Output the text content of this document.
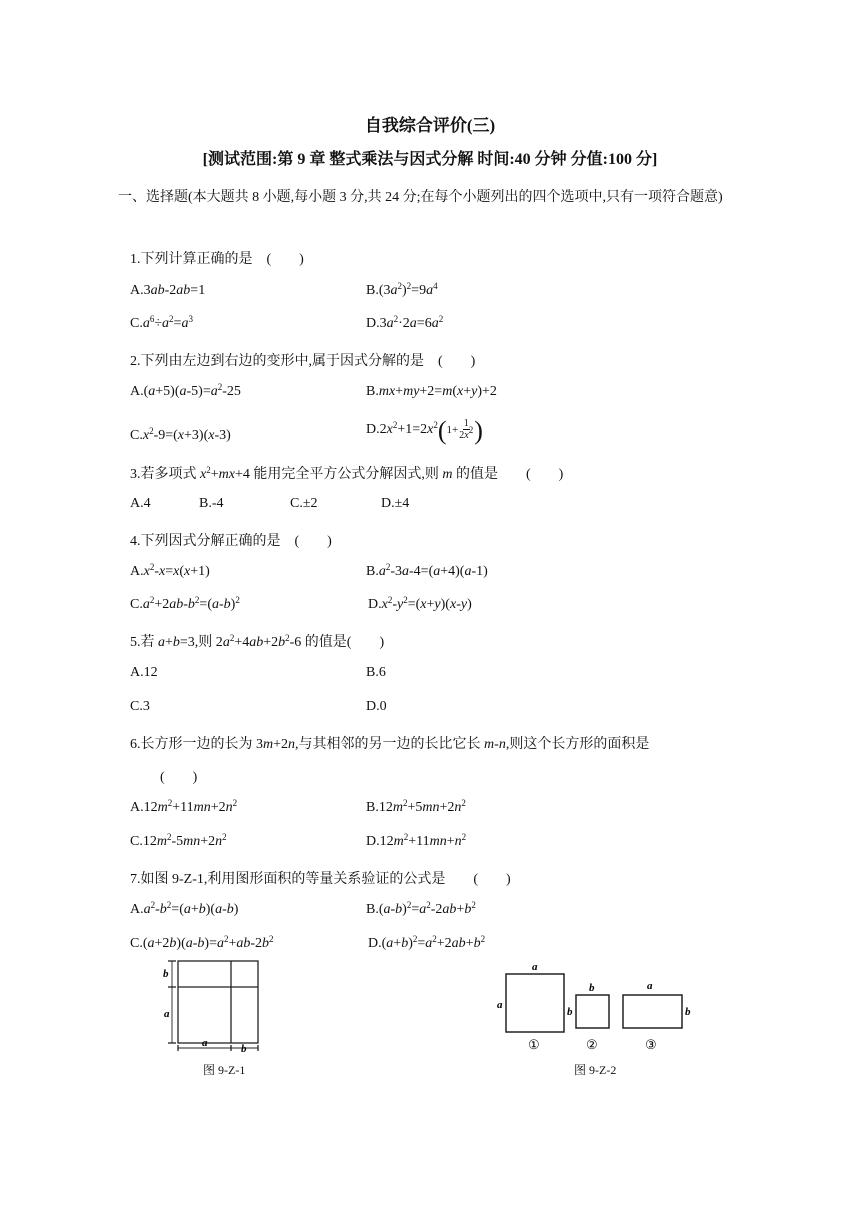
自我综合评价(三)
[测试范围:第 9 章 整式乘法与因式分解 时间:40 分钟 分值:100 分]
一、选择题(本大题共 8 小题,每小题 3 分,共 24 分;在每个小题列出的四个选项中,只有一项符合题意)
1.下列计算正确的是　(　　)
A.3ab-2ab=1	$B.(3a^2)^2=9a^4$
$C.a^6\div a^2=a^3$	$D.3a^2\cdot 2a=6a^2$
2.下列由左边到右边的变形中,属于因式分解的是　(　　)
$A.(a+5)(a-5)=a^2-25$	B.mx+my+2=m(x+y)+2
$C.x^2-9=(x+3)(x-3)$	$D.2x^2+1=2x^2(1+ \frac{1}{2x^2}$ )
3.若多项式 $x^2+mx+4$ 能用完全平方公式分解因式,则 m 的值是　　(　　)
A.4	B.-4	C.±2	D.±4
4.下列因式分解正确的是　(　　)
$A.x^2-x=x(x+1)$	$B.a^2-3a-4=(a+4)(a-1)$
$C.a^2+2ab-b^2=(a-b)^2$	$D.x^2-y^2=(x+y)(x-y)$
5.若 a+b=3,则 $2a^2+4ab+2b^2-6$ 的值是(　　)
A.12	B.6
C.3	D.0
6.长方形一边的长为 3m+2n,与其相邻的另一边的长比它长 m-n,则这个长方形的面积是
(　　)
$A.12m^2+11mn+2n^2$	$B.12m^2+5mn+2n^2$
$C.12m^2-5mn+2n^2$	$D.12m^2+11mn+n^2$
7.如图 9-Z-1,利用图形面积的等量关系验证的公式是　　(　　)
$A.a^2-b^2=(a+b)(a-b)$	$B.(a-b)^2=a^2-2ab+b^2$
$C.(a+2b)(a-b)=a^2+ab-2b^2$	$D.(a+b)^2=a^2+2ab+b^2$
b
a
a	b
图 9-Z-1
a
a
b
b
a
b
①	②	③
图 9-Z-2
